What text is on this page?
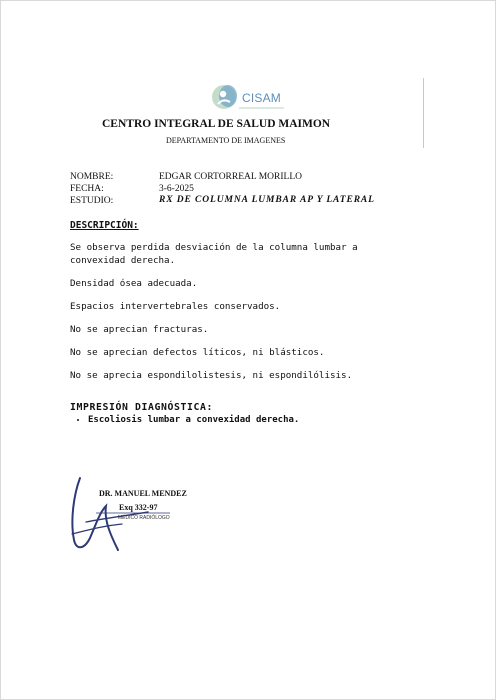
CISAM
CENTRO INTEGRAL DE SALUD MAIMON
DEPARTAMENTO DE IMAGENES
NOMBRE:	EDGAR CORTORREAL MORILLO
FECHA:	3-6-2025
ESTUDIO:	RX DE COLUMNA LUMBAR AP Y LATERAL
DESCRIPCIÓN:
Se observa perdida desviación de la columna lumbar a convexidad derecha.
Densidad ósea adecuada.
Espacios intervertebrales conservados.
No se aprecian fracturas.
No se aprecian defectos líticos, ni blásticos.
No se aprecia espondilolistesis, ni espondilólisis.
IMPRESIÓN DIAGNÓSTICA:
• Escoliosis lumbar a convexidad derecha.
DR. MANUEL MENDEZ
Exq 332-97
MÉDICO RADIÓLOGO
